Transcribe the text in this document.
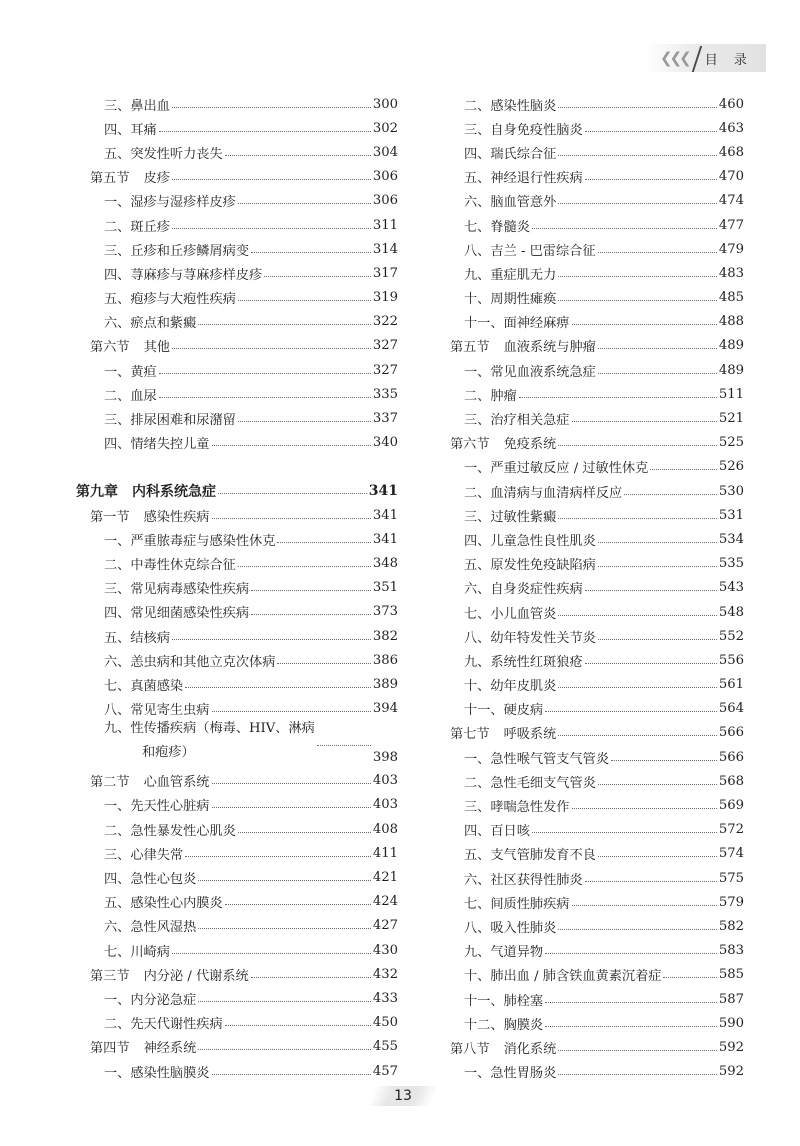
❮❮❮ 目 录
三、鼻出血	300
四、耳痛	302
五、突发性听力丧失	304
第五节 皮疹	306
一、湿疹与湿疹样皮疹	306
二、斑丘疹	311
三、丘疹和丘疹鳞屑病变	314
四、荨麻疹与荨麻疹样皮疹	317
五、疱疹与大疱性疾病	319
六、瘀点和紫癜	322
第六节 其他	327
一、黄疸	327
二、血尿	335
三、排尿困难和尿潴留	337
四、情绪失控儿童	340
第九章 内科系统急症	341
第一节 感染性疾病	341
一、严重脓毒症与感染性休克	341
二、中毒性休克综合征	348
三、常见病毒感染性疾病	351
四、常见细菌感染性疾病	373
五、结核病	382
六、恙虫病和其他立克次体病	386
七、真菌感染	389
八、常见寄生虫病	394
九、性传播疾病（梅毒、HIV、淋病
和疱疹）	398
第二节 心血管系统	403
一、先天性心脏病	403
二、急性暴发性心肌炎	408
三、心律失常	411
四、急性心包炎	421
五、感染性心内膜炎	424
六、急性风湿热	427
七、川崎病	430
第三节 内分泌 / 代谢系统	432
一、内分泌急症	433
二、先天代谢性疾病	450
第四节 神经系统	455
一、感染性脑膜炎	457
二、感染性脑炎	460
三、自身免疫性脑炎	463
四、瑞氏综合征	468
五、神经退行性疾病	470
六、脑血管意外	474
七、脊髓炎	477
八、吉兰 - 巴雷综合征	479
九、重症肌无力	483
十、周期性瘫痪	485
十一、面神经麻痹	488
第五节 血液系统与肿瘤	489
一、常见血液系统急症	489
二、肿瘤	511
三、治疗相关急症	521
第六节 免疫系统	525
一、严重过敏反应 / 过敏性休克	526
二、血清病与血清病样反应	530
三、过敏性紫癜	531
四、儿童急性良性肌炎	534
五、原发性免疫缺陷病	535
六、自身炎症性疾病	543
七、小儿血管炎	548
八、幼年特发性关节炎	552
九、系统性红斑狼疮	556
十、幼年皮肌炎	561
十一、硬皮病	564
第七节 呼吸系统	566
一、急性喉气管支气管炎	566
二、急性毛细支气管炎	568
三、哮喘急性发作	569
四、百日咳	572
五、支气管肺发育不良	574
六、社区获得性肺炎	575
七、间质性肺疾病	579
八、吸入性肺炎	582
九、气道异物	583
十、肺出血 / 肺含铁血黄素沉着症	585
十一、肺栓塞	587
十二、胸膜炎	590
第八节 消化系统	592
一、急性胃肠炎	592
13
